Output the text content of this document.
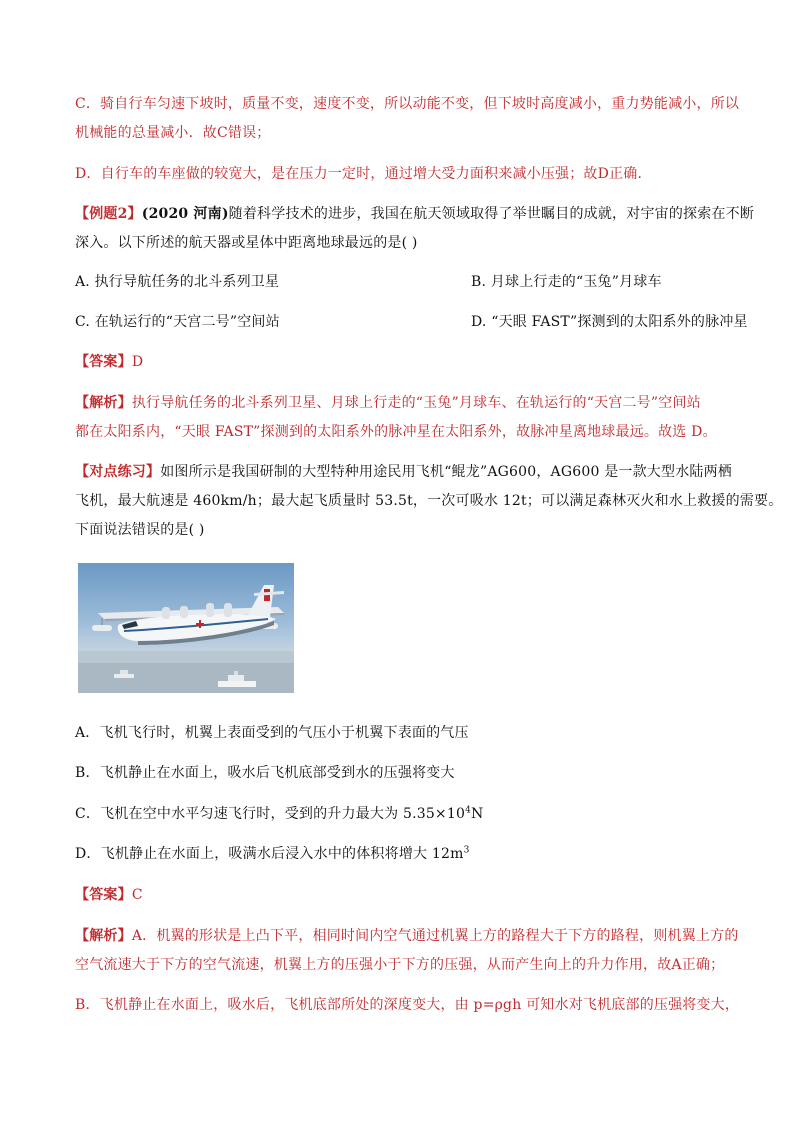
C．骑自行车匀速下坡时，质量不变，速度不变，所以动能不变，但下坡时高度减小，重力势能减小，所以
机械能的总量减小．故C错误；
D．自行车的车座做的较宽大，是在压力一定时，通过增大受力面积来减小压强；故D正确．
【例题2】(2020 河南)随着科学技术的进步，我国在航天领域取得了举世瞩目的成就，对宇宙的探索在不断
深入。以下所述的航天器或星体中距离地球最远的是( )
A. 执行导航任务的北斗系列卫星	B. 月球上行走的“玉兔”月球车
C. 在轨运行的“天宫二号”空间站	D. “天眼 FAST”探测到的太阳系外的脉冲星
【答案】D
【解析】执行导航任务的北斗系列卫星、月球上行走的“玉兔”月球车、在轨运行的“天宫二号”空间站
都在太阳系内，“天眼 FAST”探测到的太阳系外的脉冲星在太阳系外，故脉冲星离地球最远。故选 D。
【对点练习】如图所示是我国研制的大型特种用途民用飞机“鲲龙”AG600，AG600 是一款大型水陆两栖
飞机，最大航速是 460km/h；最大起飞质量时 53.5t，一次可吸水 12t；可以满足森林灭火和水上救援的需要。
下面说法错误的是( )
A．飞机飞行时，机翼上表面受到的气压小于机翼下表面的气压
B．飞机静止在水面上，吸水后飞机底部受到水的压强将变大
C．飞机在空中水平匀速飞行时，受到的升力最大为 $5.35\times 10^4N$
D．飞机静止在水面上，吸满水后浸入水中的体积将增大 $12m^3$
【答案】C
【解析】A．机翼的形状是上凸下平，相同时间内空气通过机翼上方的路程大于下方的路程，则机翼上方的
空气流速大于下方的空气流速，机翼上方的压强小于下方的压强，从而产生向上的升力作用，故A正确；
B．飞机静止在水面上，吸水后，飞机底部所处的深度变大，由 p=ρgh 可知水对飞机底部的压强将变大，
